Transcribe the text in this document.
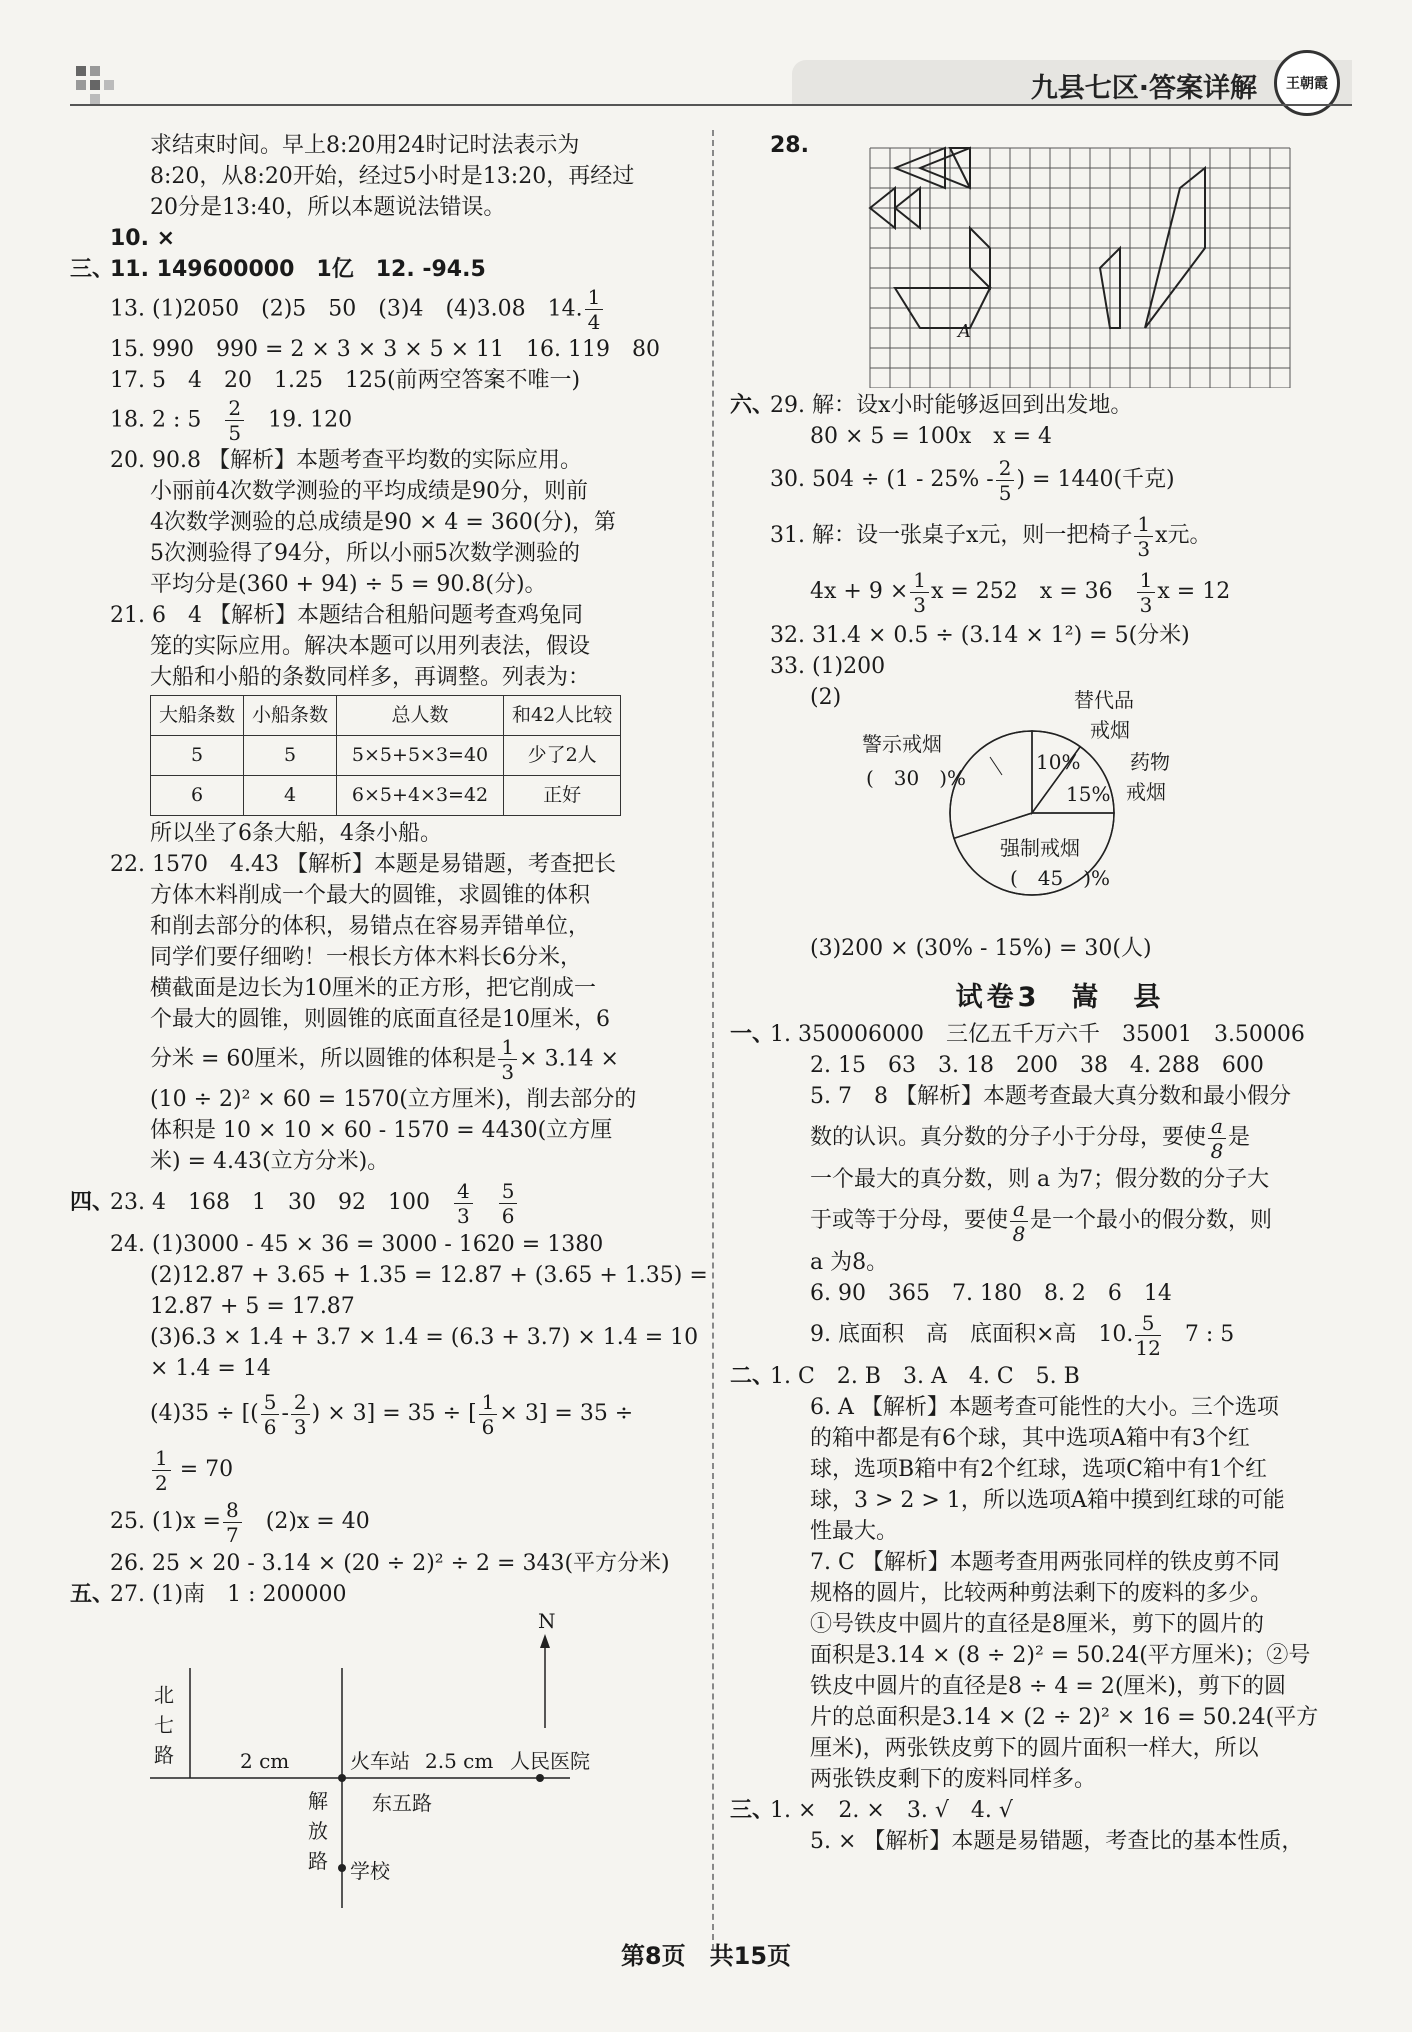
九县七区·答案详解 王朝霞
求结束时间。早上8:20用24时记时法表示为
8:20，从8:20开始，经过5小时是13:20，再经过
20分是13:40，所以本题说法错误。
10. ×
三、
11. 149600000　1亿　12. -94.5
13. (1)2050　(2)5　50　(3)4　(4)3.08　14. $\frac{1}{4}$
15. 990　990 = 2 × 3 × 3 × 5 × 11　16. 119　80
17. 5　4　20　1.25　125(前两空答案不唯一)
18. 2 : 5　 $\frac{2}{5}$
　 19. 120
20. 90.8 【解析】本题考查平均数的实际应用。
小丽前4次数学测验的平均成绩是90分，则前
4次数学测验的总成绩是90 × 4 = 360(分)，第
5次测验得了94分，所以小丽5次数学测验的
平均分是(360 + 94) ÷ 5 = 90.8(分)。
21. 6　4 【解析】本题结合租船问题考查鸡兔同
笼的实际应用。解决本题可以用列表法，假设
大船和小船的条数同样多，再调整。列表为：
大船条数	小船条数	总人数	和42人比较
5	5	5×5+5×3=40	少了2人
6	4	6×5+4×3=42	正好
所以坐了6条大船，4条小船。
22. 1570　4.43 【解析】本题是易错题，考查把长
方体木料削成一个最大的圆锥，求圆锥的体积
和削去部分的体积，易错点在容易弄错单位，
同学们要仔细哟！一根长方体木料长6分米，
横截面是边长为10厘米的正方形，把它削成一
个最大的圆锥，则圆锥的底面直径是10厘米，6
分米 = 60厘米，所以圆锥的体积是 $\frac{1}{3} \times 3.14$ ×
(10 ÷ 2)² × 60 = 1570(立方厘米)，削去部分的
体积是 10 × 10 × 60 - 1570 = 4430(立方厘
米) = 4.43(立方分米)。
四、
23. 4　168　1　30　92　100　 $\frac{4}{3}$
　 $\frac{5}{6}$
24. (1)3000 - 45 × 36 = 3000 - 1620 = 1380
(2)12.87 + 3.65 + 1.35 = 12.87 + (3.65 + 1.35) =
12.87 + 5 = 17.87
(3)6.3 × 1.4 + 3.7 × 1.4 = (6.3 + 3.7) × 1.4 = 10
× 1.4 = 14
(4)35 ÷ [( $\frac{5}{6} - \frac{2}{3}$ ) × 3] = 35 ÷ [ $\frac{1}{6} \times 3] = 35$ ÷
$\frac{1}{2} = 70$
25. $(1)x = \frac{8}{7}$
　 (2)x = 40
26. 25 × 20 - 3.14 × (20 ÷ 2)² ÷ 2 = 343(平方分米)
五、
27. (1)南　1 : 200000
N
北七路	2 cm	火车站 2.5 cm 人民医院
东五路
解放路 学校
28.
A
六、
29. 解：设x小时能够返回到出发地。
80 × 5 = 100x　x = 4
30. $504 \div (1 - 25\% - \frac{2}{5}$ ) = 1440(千克)
31. 解：设一张桌子x元，则一把椅子 $\frac{1}{3}$ x元。
$4x + 9 \times \frac{1}{3}$ x = 252　x = 36　 $\frac{1}{3}$ x = 12
32. 31.4 × 0.5 ÷ (3.14 × 1²) = 5(分米)
33. (1)200
(2)	替代品
戒烟
警示戒烟
(　30　)%
药物
戒烟
强制戒烟
(　45　)%
10%
15%
(3)200 × (30% - 15%) = 30(人)
试卷3　嵩　县
一、
1. 350006000　三亿五千万六千　35001　3.50006
2. 15　63　3. 18　200　38　4. 288　600
5. 7　8 【解析】本题考查最大真分数和最小假分
数的认识。真分数的分子小于分母，要使 $\frac{a}{8}$ 是
一个最大的真分数，则 a 为7；假分数的分子大
于或等于分母，要使 $\frac{a}{8}$ 是一个最小的假分数，则
a 为8。
6. 90　365　7. 180　8. 2　6　14
9. 底面积　高　底面积×高　10. $\frac{5}{12}$
　 7 : 5
二、
1. C　2. B　3. A　4. C　5. B
6. A 【解析】本题考查可能性的大小。三个选项
的箱中都是有6个球，其中选项A箱中有3个红
球，选项B箱中有2个红球，选项C箱中有1个红
球，3 > 2 > 1，所以选项A箱中摸到红球的可能
性最大。
7. C 【解析】本题考查用两张同样的铁皮剪不同
规格的圆片，比较两种剪法剩下的废料的多少。
①号铁皮中圆片的直径是8厘米，剪下的圆片的
面积是3.14 × (8 ÷ 2)² = 50.24(平方厘米)；②号
铁皮中圆片的直径是8 ÷ 4 = 2(厘米)，剪下的圆
片的总面积是3.14 × (2 ÷ 2)² × 16 = 50.24(平方
厘米)，两张铁皮剪下的圆片面积一样大，所以
两张铁皮剩下的废料同样多。
三、
1. ×　2. ×　3. √　4. √
5. × 【解析】本题是易错题，考查比的基本性质，
第8页　共15页
